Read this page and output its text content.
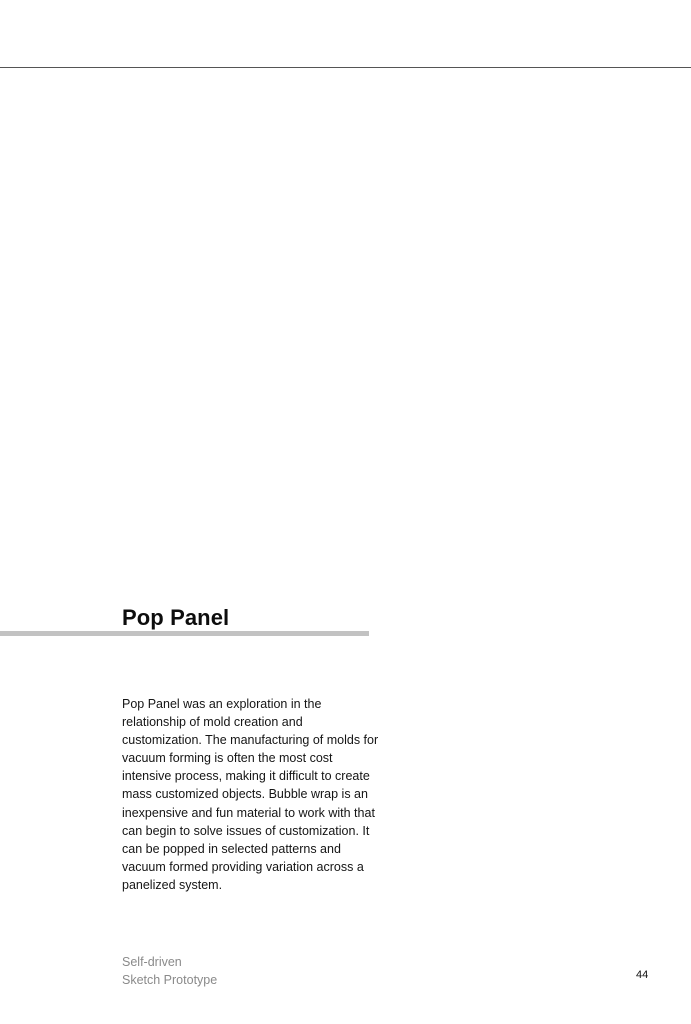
Pop Panel

Pop Panel was an exploration in the relationship of mold creation and customization. The manufacturing of molds for vacuum forming is often the most cost intensive process, making it difficult to create mass customized objects. Bubble wrap is an inexpensive and fun material to work with that can begin to solve issues of customization. It can be popped in selected patterns and vacuum formed providing variation across a panelized system.

Self-driven
Sketch Prototype	44
